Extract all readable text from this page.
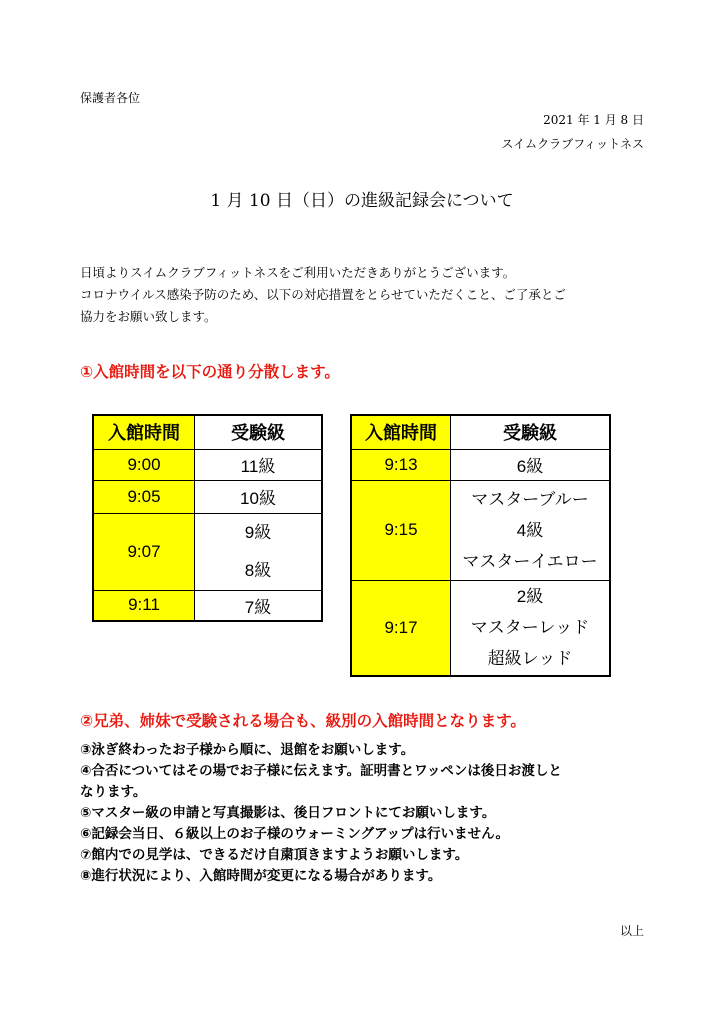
保護者各位
2021 年 1 月 8 日
スイムクラブフィットネス
1 月 10 日（日）の進級記録会について
日頃よりスイムクラブフィットネスをご利用いただきありがとうございます。
コロナウイルス感染予防のため、以下の対応措置をとらせていただくこと、ご了承とご
協力をお願い致します。
①入館時間を以下の通り分散します。
入館時間	受験級
9:00	11級
9:05	10級
9:07	9級
8級

9:11	7級
入館時間	受験級
9:13	6級
9:15	マスターブルー
4級
マスターイエロー

9:17	2級
マスターレッド
超級レッド
②兄弟、姉妹で受験される場合も、級別の入館時間となります。
③泳ぎ終わったお子様から順に、退館をお願いします。
④合否についてはその場でお子様に伝えます。証明書とワッペンは後日お渡しと
なります。
⑤マスター級の申請と写真撮影は、後日フロントにてお願いします。
⑥記録会当日、６級以上のお子様のウォーミングアップは行いません。
⑦館内での見学は、できるだけ自粛頂きますようお願いします。
⑧進行状況により、入館時間が変更になる場合があります。
以上
